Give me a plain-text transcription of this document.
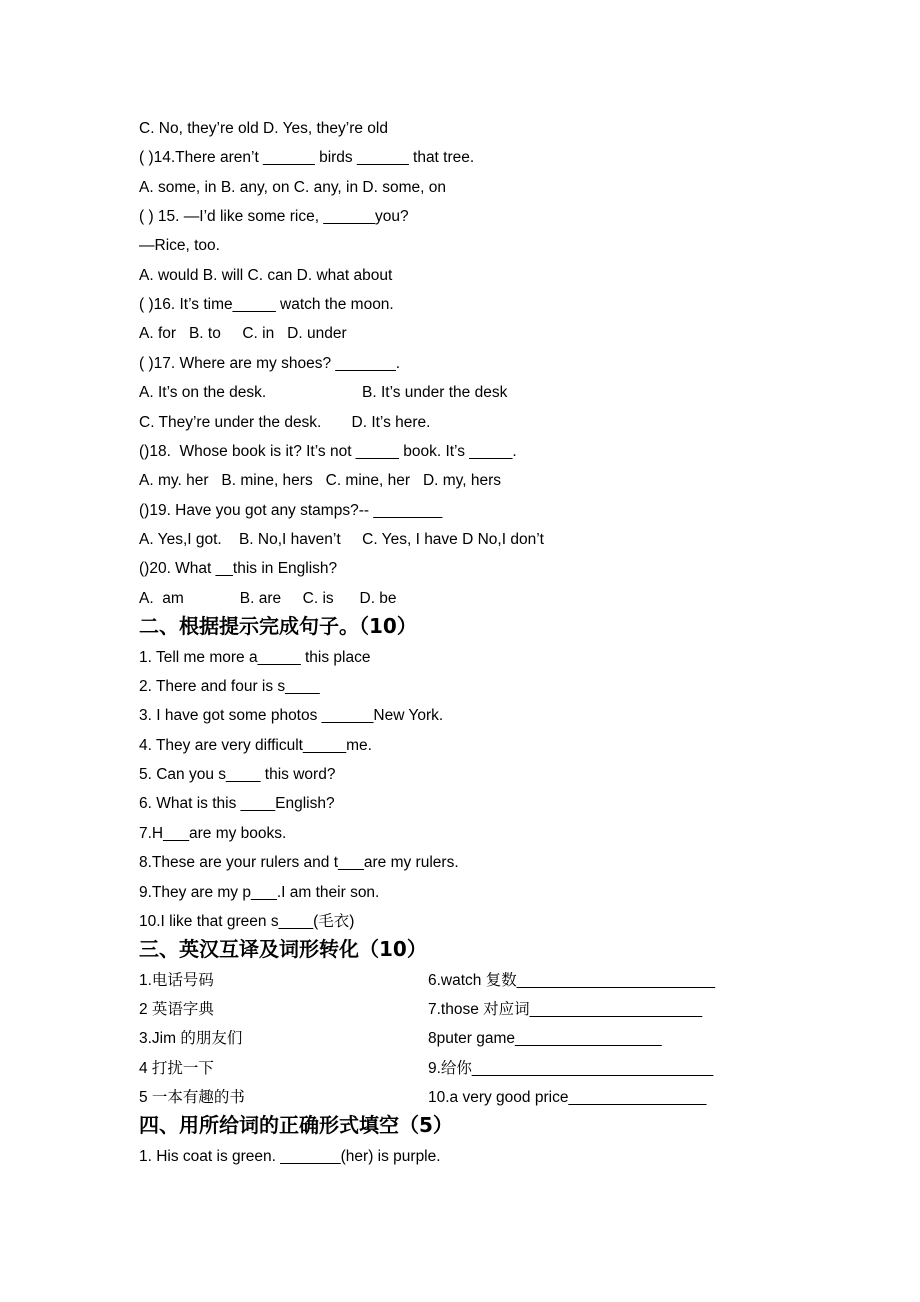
C. No, they’re old D. Yes, they’re old

( )14.There aren’t ______ birds ______ that tree.

A. some, in B. any, on C. any, in D. some, on

( ) 15. —I’d like some rice, ______you?

—Rice, too.

A. would B. will C. can D. what about

( )16. It’s time_____ watch the moon.

A. for   B. to     C. in   D. under

( )17. Where are my shoes? _______.

A. It’s on the desk.	B. It’s under the desk

C. They’re under the desk.       D. It’s here.

()18.  Whose book is it? It’s not _____ book. It’s _____.

A. my. her   B. mine, hers   C. mine, her   D. my, hers

()19. Have you got any stamps?-- ________

A. Yes,I got.    B. No,I haven’t     C. Yes, I have D No,I don’t

()20. What __this in English?

A.  am             B. are     C. is      D. be

二、根据提示完成句子。（10）

1. Tell me more a_____ this place

2. There and four is s____

3. I have got some photos ______New York.

4. They are very difficult_____me.

5. Can you s____ this word?

6. What is this ____English?

7.H___are my books.

8.These are your rulers and t___are my rulers.

9.They are my p___.I am their son.

10.I like that green s____(毛衣)

三、英汉互译及词形转化（10）

1.电话号码	6.watch 复数_______________________

2 英语字典	7.those 对应词____________________

3.Jim 的朋友们	8puter game_________________

4 打扰一下	9.给你____________________________

5 一本有趣的书	10.a very good price________________

四、用所给词的正确形式填空（5）

1. His coat is green. _______(her) is purple.
